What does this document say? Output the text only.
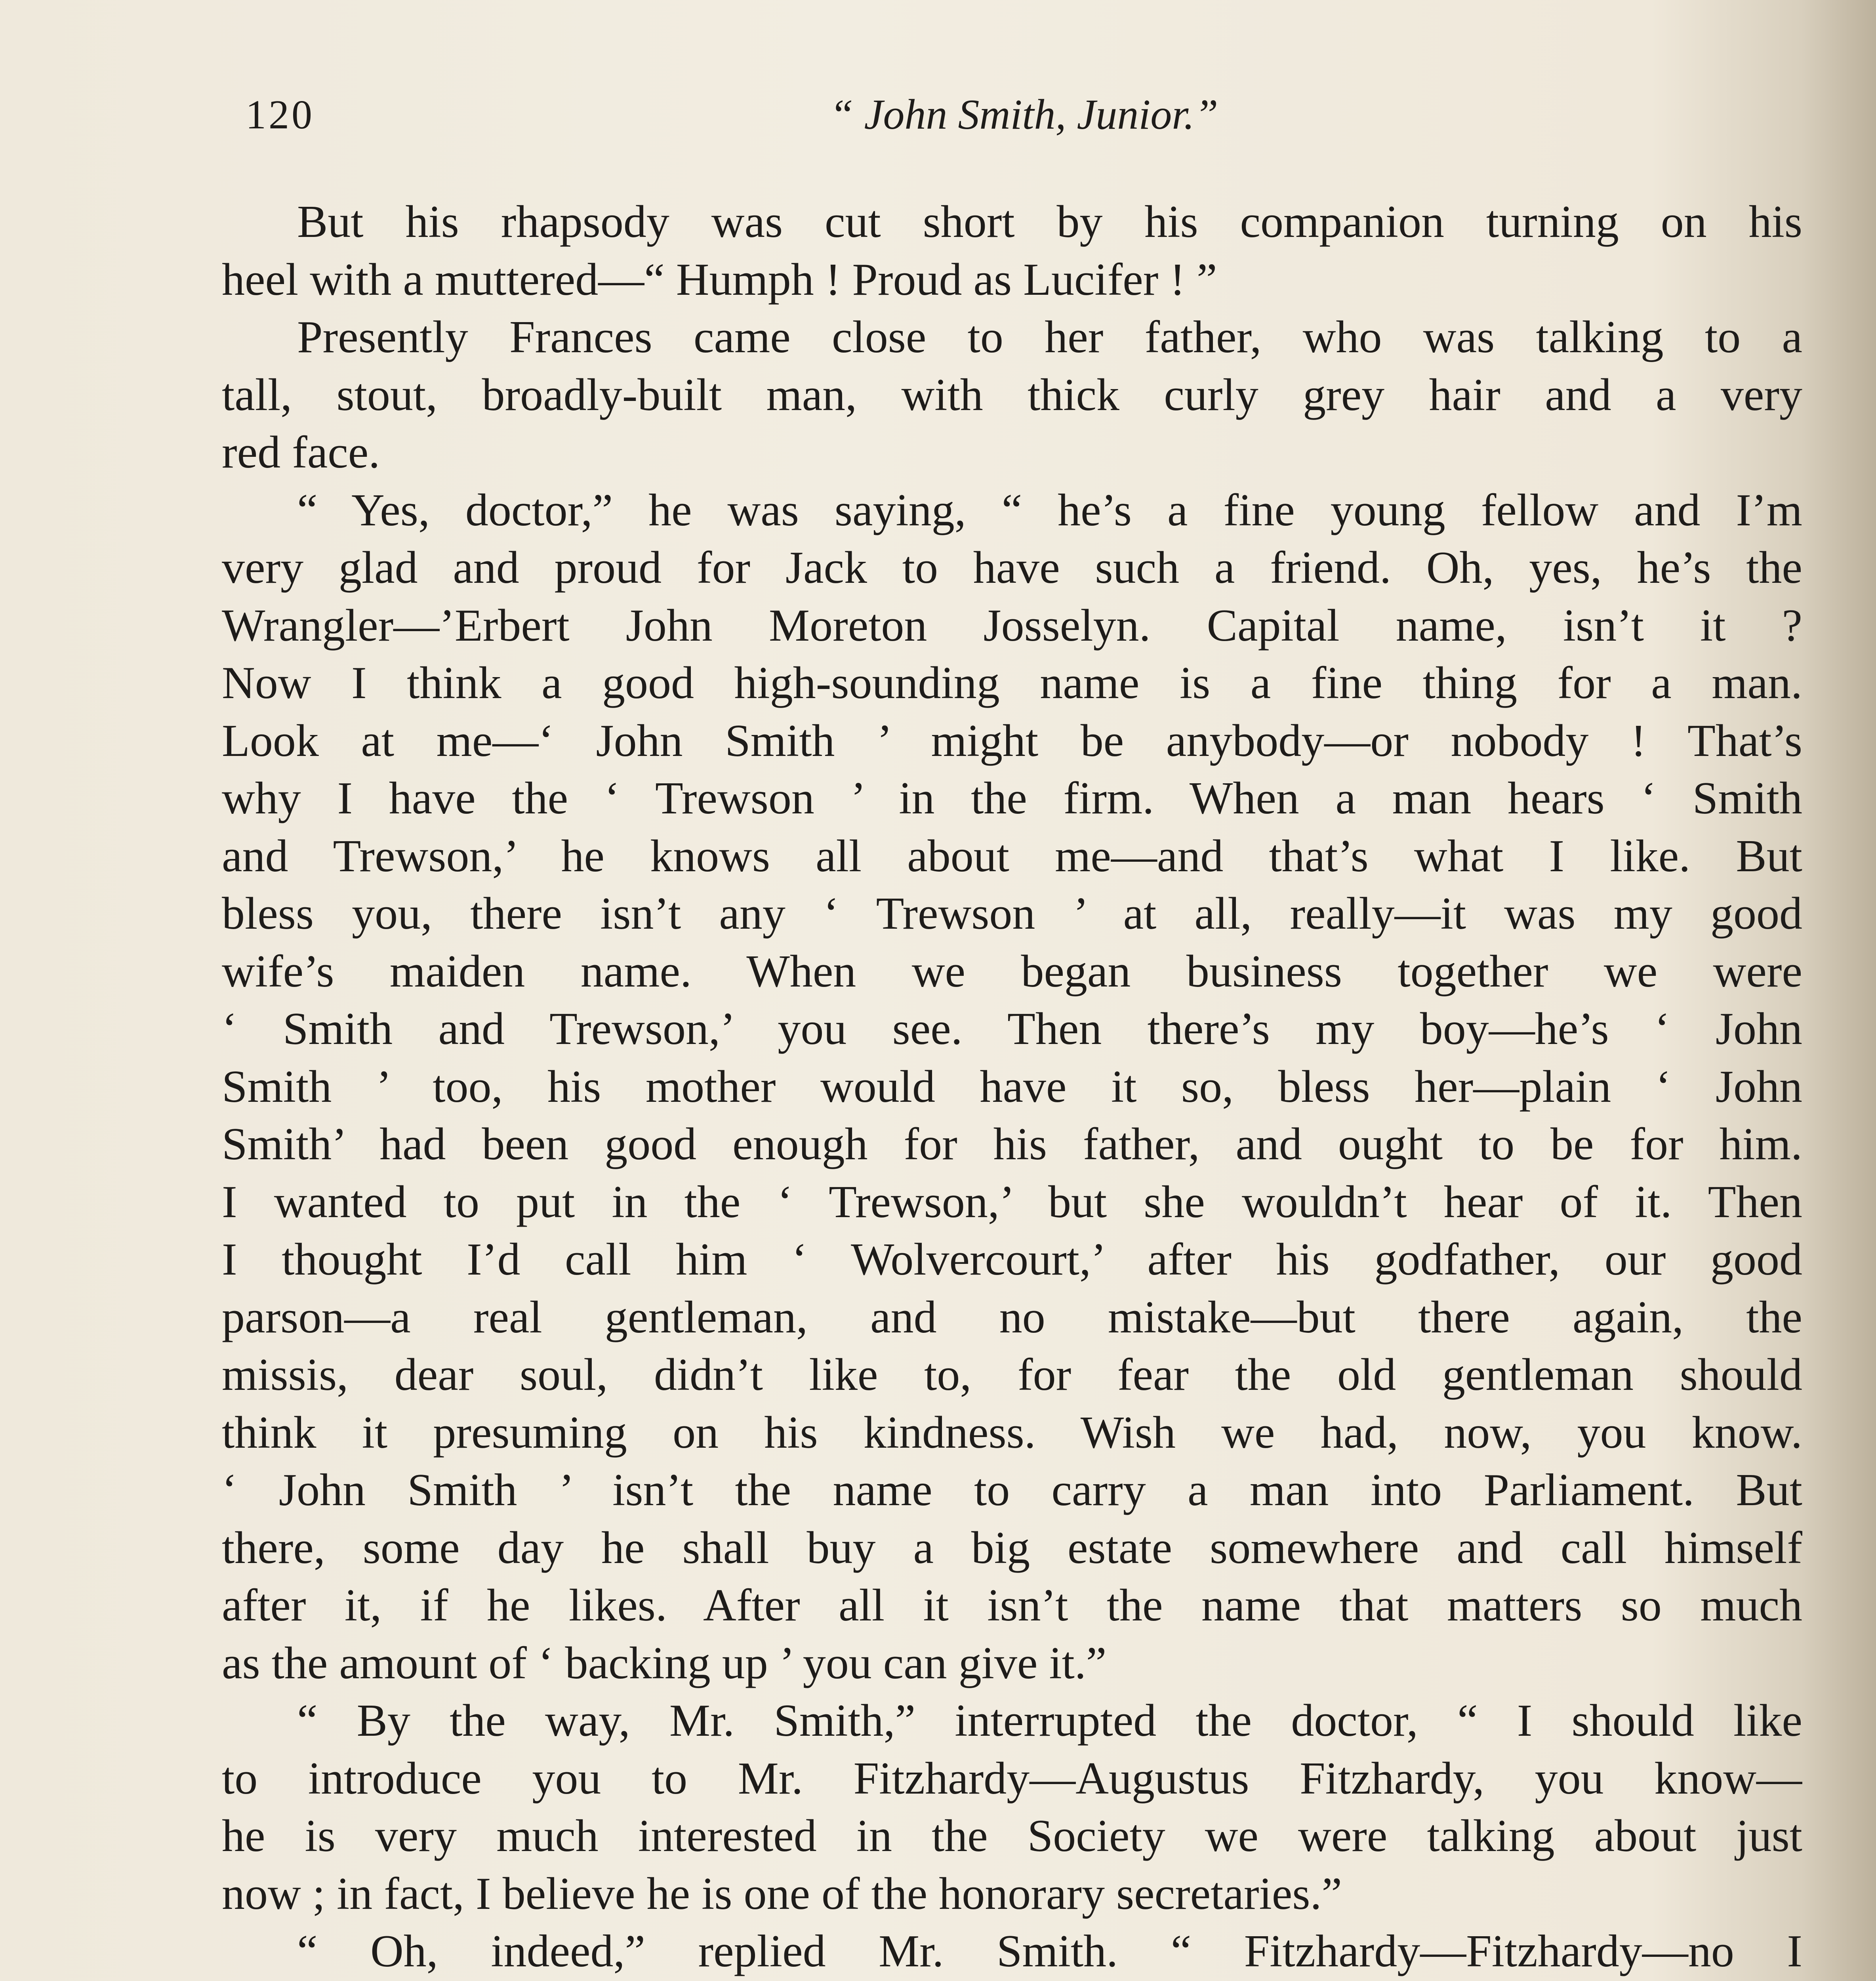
120	“ John Smith, Junior.”
But his rhapsody was cut short by his companion turning on his
heel with a muttered—“ Humph ! Proud as Lucifer ! ”
Presently Frances came close to her father, who was talking to a
tall, stout, broadly-built man, with thick curly grey hair and a very
red face.
“ Yes, doctor,” he was saying, “ he’s a fine young fellow and I’m
very glad and proud for Jack to have such a friend. Oh, yes, he’s the
Wrangler—’Erbert John Moreton Josselyn. Capital name, isn’t it ?
Now I think a good high-sounding name is a fine thing for a man.
Look at me—‘ John Smith ’ might be anybody—or nobody ! That’s
why I have the ‘ Trewson ’ in the firm. When a man hears ‘ Smith
and Trewson,’ he knows all about me—and that’s what I like. But
bless you, there isn’t any ‘ Trewson ’ at all, really—it was my good
wife’s maiden name. When we began business together we were
‘ Smith and Trewson,’ you see. Then there’s my boy—he’s ‘ John
Smith ’ too, his mother would have it so, bless her—plain ‘ John
Smith’ had been good enough for his father, and ought to be for him.
I wanted to put in the ‘ Trewson,’ but she wouldn’t hear of it. Then
I thought I’d call him ‘ Wolvercourt,’ after his godfather, our good
parson—a real gentleman, and no mistake—but there again, the
missis, dear soul, didn’t like to, for fear the old gentleman should
think it presuming on his kindness. Wish we had, now, you know.
‘ John Smith ’ isn’t the name to carry a man into Parliament. But
there, some day he shall buy a big estate somewhere and call himself
after it, if he likes. After all it isn’t the name that matters so much
as the amount of ‘ backing up ’ you can give it.”
“ By the way, Mr. Smith,” interrupted the doctor, “ I should like
to introduce you to Mr. Fitzhardy—Augustus Fitzhardy, you know—
he is very much interested in the Society we were talking about just
now ; in fact, I believe he is one of the honorary secretaries.”
“ Oh, indeed,” replied Mr. Smith. “ Fitzhardy—Fitzhardy—no I
